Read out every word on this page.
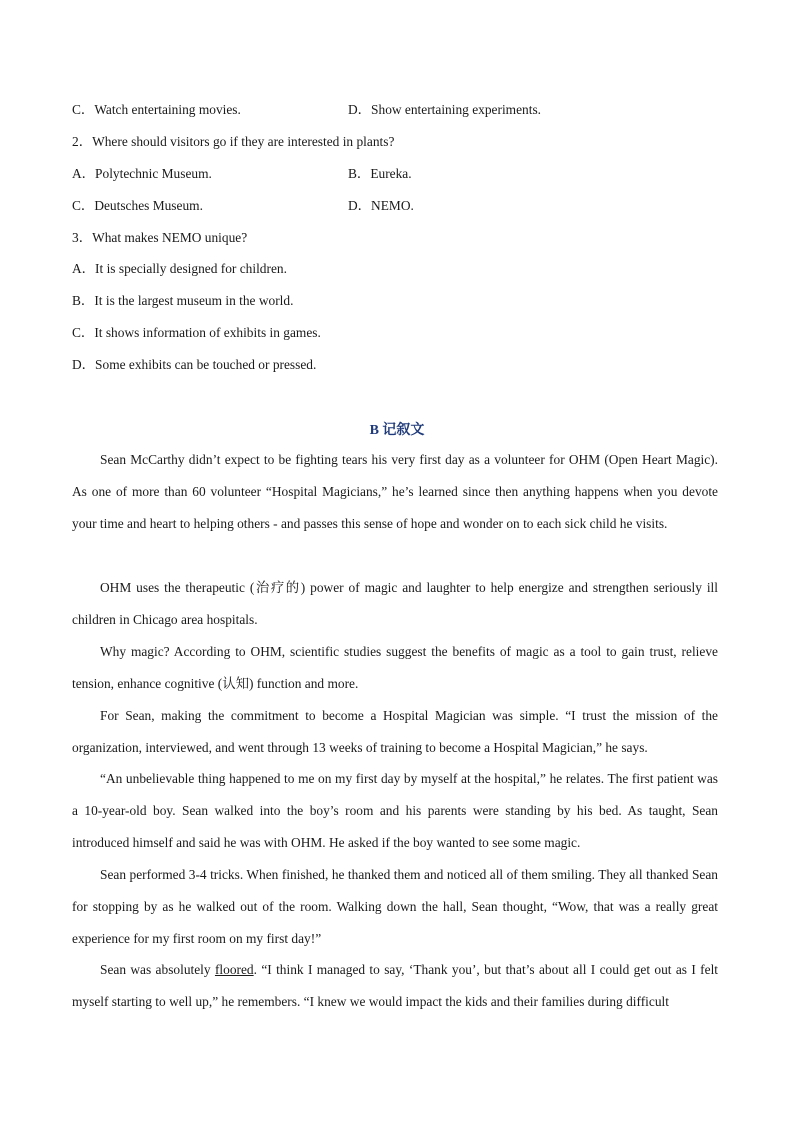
C．Watch entertaining movies.	D．Show entertaining experiments.
2．Where should visitors go if they are interested in plants?
A．Polytechnic Museum.	B．Eureka.
C．Deutsches Museum.	D．NEMO.
3．What makes NEMO unique?
A．It is specially designed for children.
B．It is the largest museum in the world.
C．It shows information of exhibits in games.
D．Some exhibits can be touched or pressed.
B 记叙文
Sean McCarthy didn’t expect to be fighting tears his very first day as a volunteer for OHM (Open Heart Magic). As one of more than 60 volunteer “Hospital Magicians,” he’s learned since then anything happens when you devote your time and heart to helping others - and passes this sense of hope and wonder on to each sick child he visits.
OHM uses the therapeutic (治疗的) power of magic and laughter to help energize and strengthen seriously ill children in Chicago area hospitals.
Why magic? According to OHM, scientific studies suggest the benefits of magic as a tool to gain trust, relieve tension, enhance cognitive (认知) function and more.
For Sean, making the commitment to become a Hospital Magician was simple. “I trust the mission of the organization, interviewed, and went through 13 weeks of training to become a Hospital Magician,” he says.
“An unbelievable thing happened to me on my first day by myself at the hospital,” he relates. The first patient was a 10-year-old boy. Sean walked into the boy’s room and his parents were standing by his bed. As taught, Sean introduced himself and said he was with OHM. He asked if the boy wanted to see some magic.
Sean performed 3-4 tricks. When finished, he thanked them and noticed all of them smiling. They all thanked Sean for stopping by as he walked out of the room. Walking down the hall, Sean thought, “Wow, that was a really great experience for my first room on my first day!”
Sean was absolutely floored. “I think I managed to say, ‘Thank you’, but that’s about all I could get out as I felt myself starting to well up,” he remembers. “I knew we would impact the kids and their families during difficult
